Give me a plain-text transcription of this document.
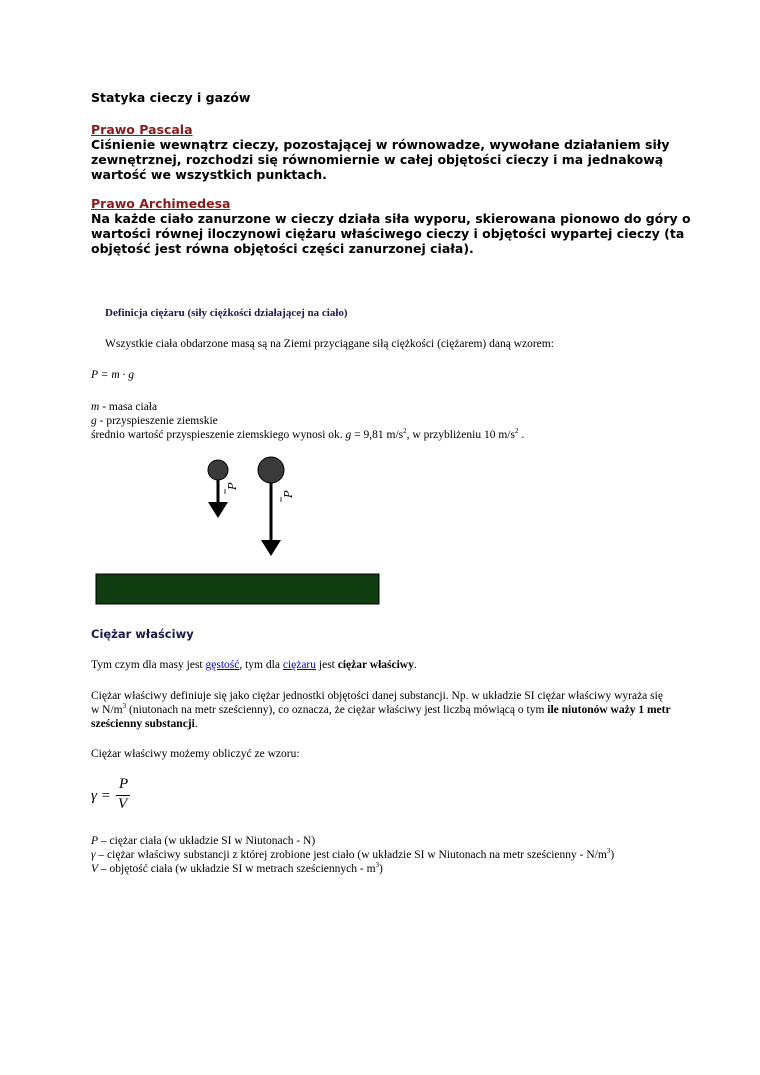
Statyka cieczy i gazów
Prawo Pascala
Ciśnienie wewnątrz cieczy, pozostającej w równowadze, wywołane działaniem siły
zewnętrznej, rozchodzi się równomiernie w całej objętości cieczy i ma jednakową
wartość we wszystkich punktach.
Prawo Archimedesa
Na każde ciało zanurzone w cieczy działa siła wyporu, skierowana pionowo do góry o
wartości równej iloczynowi ciężaru właściwego cieczy i objętości wypartej cieczy (ta
objętość jest równa objętości części zanurzonej ciała).
Definicja ciężaru (siły ciężkości działającej na ciało)
Wszystkie ciała obdarzone masą są na Ziemi przyciągane siłą ciężkości (ciężarem) daną wzorem:
P = m · g
m - masa ciała
g - przyspieszenie ziemskie
średnio wartość przyspieszenie ziemskiego wynosi ok. g = 9,81 $m/s^2$, w przybliżeniu 10 $m/s^2$ .
P
P
Ciężar właściwy
Tym czym dla masy jest gęstość, tym dla ciężaru jest ciężar właściwy.
Ciężar właściwy definiuje się jako ciężar jednostki objętości danej substancji. Np. w układzie SI ciężar właściwy wyraża się
w $N/m^3$ (niutonach na metr sześcienny), co oznacza, że ciężar właściwy jest liczbą mówiącą o tym ile niutonów waży 1 metr
sześcienny substancji.
Ciężar właściwy możemy obliczyć ze wzoru:
γ =
P
V
P – ciężar ciała (w układzie SI w Niutonach - N)
γ – ciężar właściwy substancji z której zrobione jest ciało (w układzie SI w Niutonach na metr sześcienny - $N/m^3$)
V – objętość ciała (w układzie SI w metrach sześciennych - $m^3$)
